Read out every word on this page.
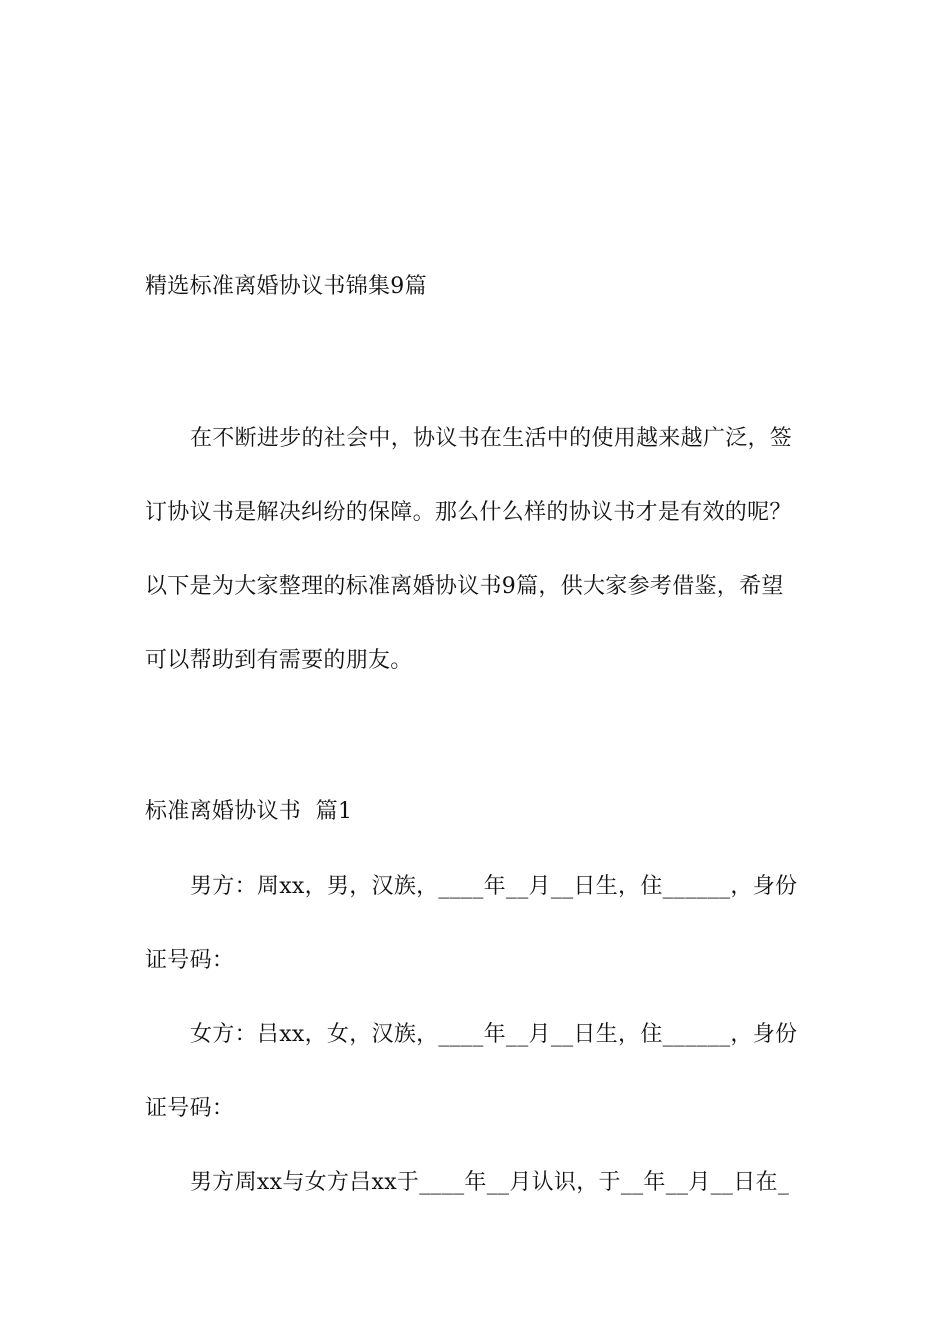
精选标准离婚协议书锦集9篇
在不断进步的社会中，协议书在生活中的使用越来越广泛，签
订协议书是解决纠纷的保障。那么什么样的协议书才是有效的呢？
以下是为大家整理的标准离婚协议书9篇，供大家参考借鉴，希望
可以帮助到有需要的朋友。
标准离婚协议书  篇1
男方：周xx，男，汉族，____年__月__日生，住______，身份
证号码：
女方：吕xx，女，汉族，____年__月__日生，住______，身份
证号码：
男方周xx与女方吕xx于____年__月认识，于__年__月__日在_
